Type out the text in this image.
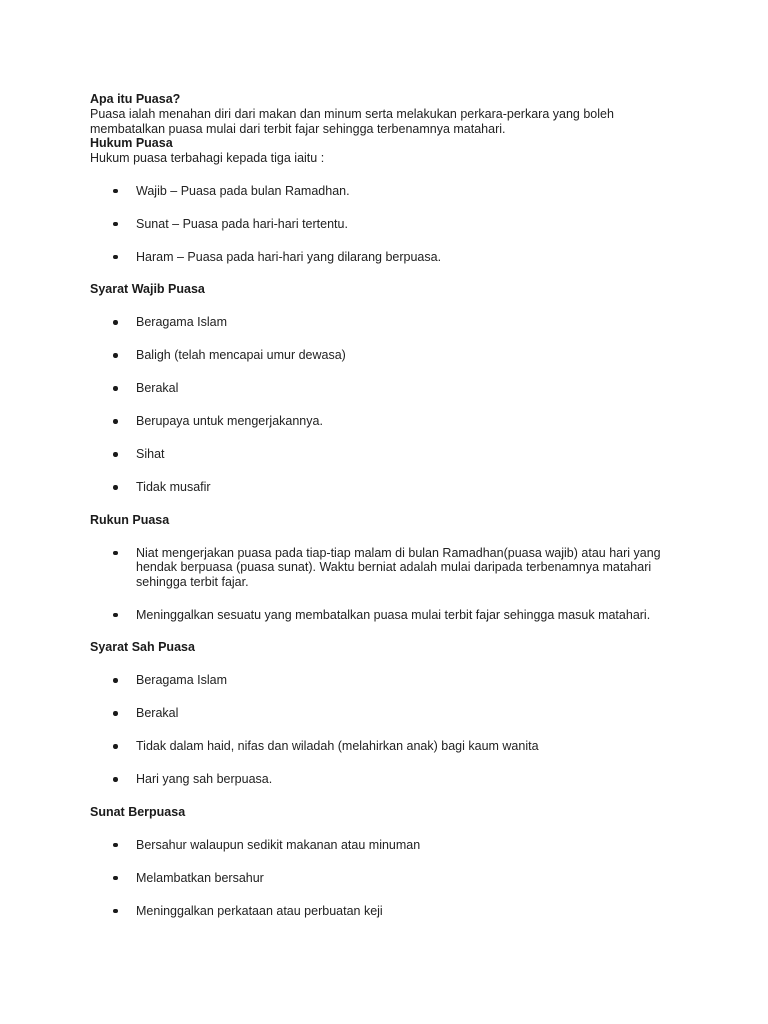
Apa itu Puasa?

Puasa ialah menahan diri dari makan dan minum serta melakukan perkara-perkara yang boleh membatalkan puasa mulai dari terbit fajar sehingga terbenamnya matahari.

Hukum Puasa

Hukum puasa terbahagi kepada tiga iaitu :

Wajib – Puasa pada bulan Ramadhan.
Sunat – Puasa pada hari-hari tertentu.
Haram – Puasa pada hari-hari yang dilarang berpuasa.

Syarat Wajib Puasa

Beragama Islam
Baligh (telah mencapai umur dewasa)
Berakal
Berupaya untuk mengerjakannya.
Sihat
Tidak musafir

Rukun Puasa

Niat mengerjakan puasa pada tiap-tiap malam di bulan Ramadhan(puasa wajib) atau hari yang hendak berpuasa (puasa sunat). Waktu berniat adalah mulai daripada terbenamnya matahari sehingga terbit fajar.
Meninggalkan sesuatu yang membatalkan puasa mulai terbit fajar sehingga masuk matahari.

Syarat Sah Puasa

Beragama Islam
Berakal
Tidak dalam haid, nifas dan wiladah (melahirkan anak) bagi kaum wanita
Hari yang sah berpuasa.

Sunat Berpuasa

Bersahur walaupun sedikit makanan atau minuman
Melambatkan bersahur
Meninggalkan perkataan atau perbuatan keji
